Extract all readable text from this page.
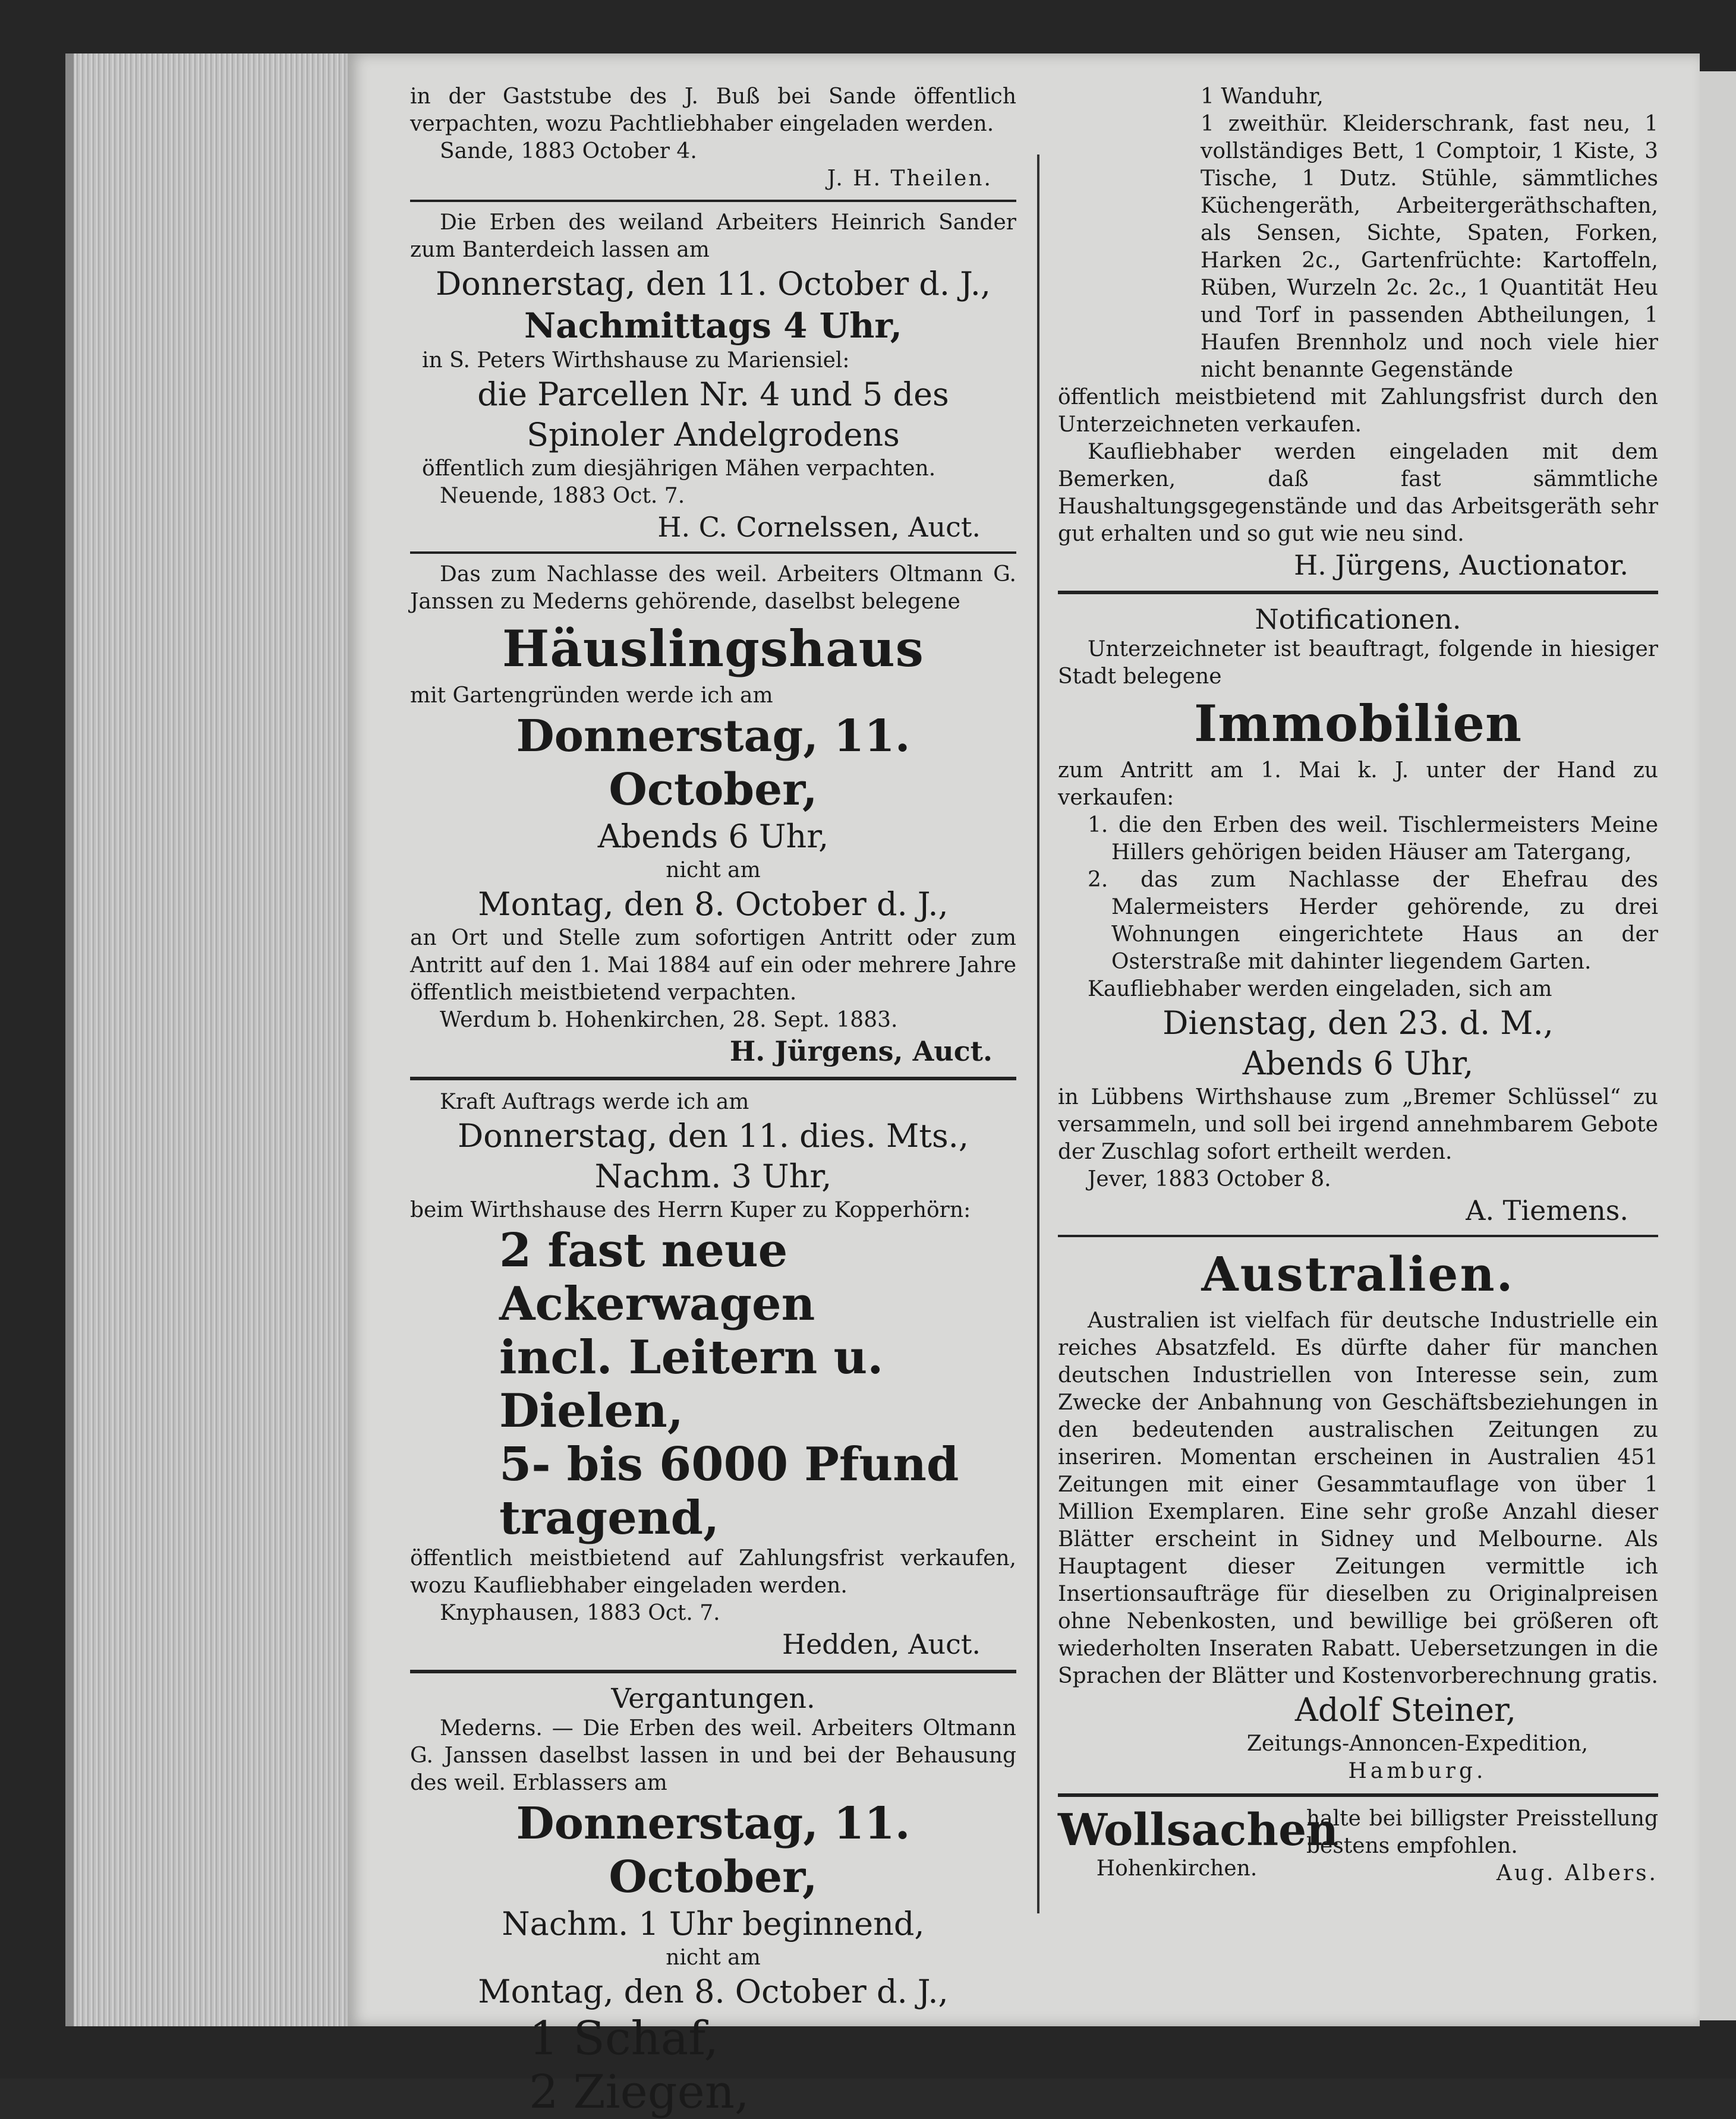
in der Gaststube des J. Buß bei Sande öffentlich verpachten, wozu Pachtliebhaber eingeladen werden.

Sande, 1883 October 4.

J. H. Theilen.

Die Erben des weiland Arbeiters Heinrich Sander zum Banterdeich lassen am

Donnerstag, den 11. October d. J.,

Nachmittags 4 Uhr,

in S. Peters Wirthshause zu Mariensiel:

die Parcellen Nr. 4 und 5 des

Spinoler Andelgrodens

öffentlich zum diesjährigen Mähen verpachten.

Neuende, 1883 Oct. 7.

H. C. Cornelssen, Auct.

Das zum Nachlasse des weil. Arbeiters Oltmann G. Janssen zu Mederns gehörende, daselbst belegene

Häuslingshaus

mit Gartengründen werde ich am

Donnerstag, 11. October,

Abends 6 Uhr,

nicht am

Montag, den 8. October d. J.,

an Ort und Stelle zum sofortigen Antritt oder zum Antritt auf den 1. Mai 1884 auf ein oder mehrere Jahre öffentlich meistbietend verpachten.

Werdum b. Hohenkirchen, 28. Sept. 1883.

H. Jürgens, Auct.

Kraft Auftrags werde ich am

Donnerstag, den 11. dies. Mts.,

Nachm. 3 Uhr,

beim Wirthshause des Herrn Kuper zu Kopperhörn:

2 fast neue Ackerwagen

incl. Leitern u. Dielen,

5- bis 6000 Pfund

tragend,

öffentlich meistbietend auf Zahlungsfrist verkaufen, wozu Kaufliebhaber eingeladen werden.

Knyphausen, 1883 Oct. 7.

Hedden, Auct.

Vergantungen.

Mederns. — Die Erben des weil. Arbeiters Oltmann G. Janssen daselbst lassen in und bei der Behausung des weil. Erblassers am

Donnerstag, 11. October,

Nachm. 1 Uhr beginnend,

nicht am

Montag, den 8. October d. J.,

1 Schaf,

2 Ziegen,

1 Wanduhr,

1 zweithür. Kleiderschrank, fast neu, 1 vollständiges Bett, 1 Comptoir, 1 Kiste, 3 Tische, 1 Dutz. Stühle, sämmtliches Küchengeräth, Arbeitergeräthschaften, als Sensen, Sichte, Spaten, Forken, Harken 2c., Gartenfrüchte: Kartoffeln, Rüben, Wurzeln 2c. 2c., 1 Quantität Heu und Torf in passenden Abtheilungen, 1 Haufen Brennholz und noch viele hier nicht benannte Gegenstände

öffentlich meistbietend mit Zahlungsfrist durch den Unterzeichneten verkaufen.

Kaufliebhaber werden eingeladen mit dem Bemerken, daß fast sämmtliche Haushaltungsgegenstände und das Arbeitsgeräth sehr gut erhalten und so gut wie neu sind.

H. Jürgens, Auctionator.

Notificationen.

Unterzeichneter ist beauftragt, folgende in hiesiger Stadt belegene

Immobilien

zum Antritt am 1. Mai k. J. unter der Hand zu verkaufen:

1. die den Erben des weil. Tischlermeisters Meine Hillers gehörigen beiden Häuser am Tatergang,

2. das zum Nachlasse der Ehefrau des Malermeisters Herder gehörende, zu drei Wohnungen eingerichtete Haus an der Osterstraße mit dahinter liegendem Garten.

Kaufliebhaber werden eingeladen, sich am

Dienstag, den 23. d. M.,

Abends 6 Uhr,

in Lübbens Wirthshause zum „Bremer Schlüssel“ zu versammeln, und soll bei irgend annehmbarem Gebote der Zuschlag sofort ertheilt werden.

Jever, 1883 October 8.

A. Tiemens.

Australien.

Australien ist vielfach für deutsche Industrielle ein reiches Absatzfeld. Es dürfte daher für manchen deutschen Industriellen von Interesse sein, zum Zwecke der Anbahnung von Geschäftsbeziehungen in den bedeutenden australischen Zeitungen zu inseriren. Momentan erscheinen in Australien 451 Zeitungen mit einer Gesammtauflage von über 1 Million Exemplaren. Eine sehr große Anzahl dieser Blätter erscheint in Sidney und Melbourne. Als Hauptagent dieser Zeitungen vermittle ich Insertionsaufträge für dieselben zu Originalpreisen ohne Nebenkosten, und bewillige bei größeren oft wiederholten Inseraten Rabatt. Uebersetzungen in die Sprachen der Blätter und Kostenvorberechnung gratis.

Adolf Steiner,

Zeitungs-Annoncen-Expedition,

Hamburg.

Wollsachen

Hohenkirchen.

halte bei billigster Preisstellung bestens empfohlen.

Aug. Albers.
